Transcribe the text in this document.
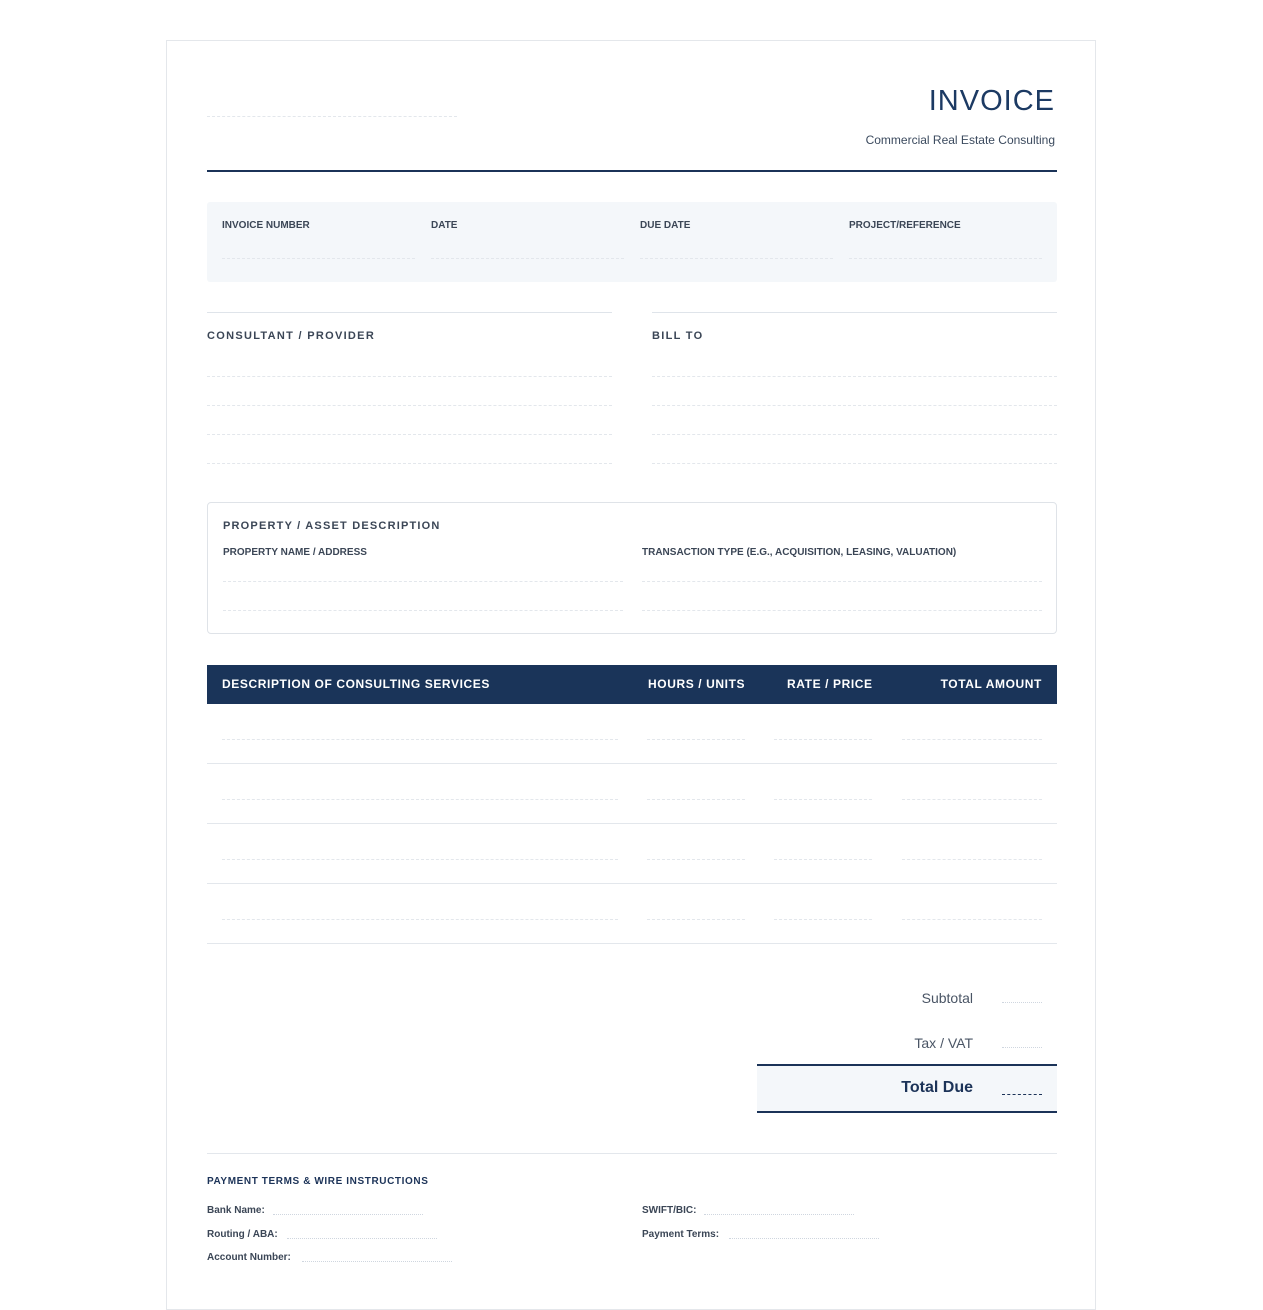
INVOICE
Commercial Real Estate Consulting
INVOICE NUMBER	DATE	DUE DATE	PROJECT/REFERENCE
CONSULTANT / PROVIDER	BILL TO
PROPERTY / ASSET DESCRIPTION
PROPERTY NAME / ADDRESS	TRANSACTION TYPE (E.G., ACQUISITION, LEASING, VALUATION)
DESCRIPTION OF CONSULTING SERVICES	HOURS / UNITS	RATE / PRICE	TOTAL AMOUNT
Subtotal
Tax / VAT
Total Due
PAYMENT TERMS & WIRE INSTRUCTIONS
Bank Name:
Routing / ABA:
Account Number:
SWIFT/BIC:
Payment Terms:
